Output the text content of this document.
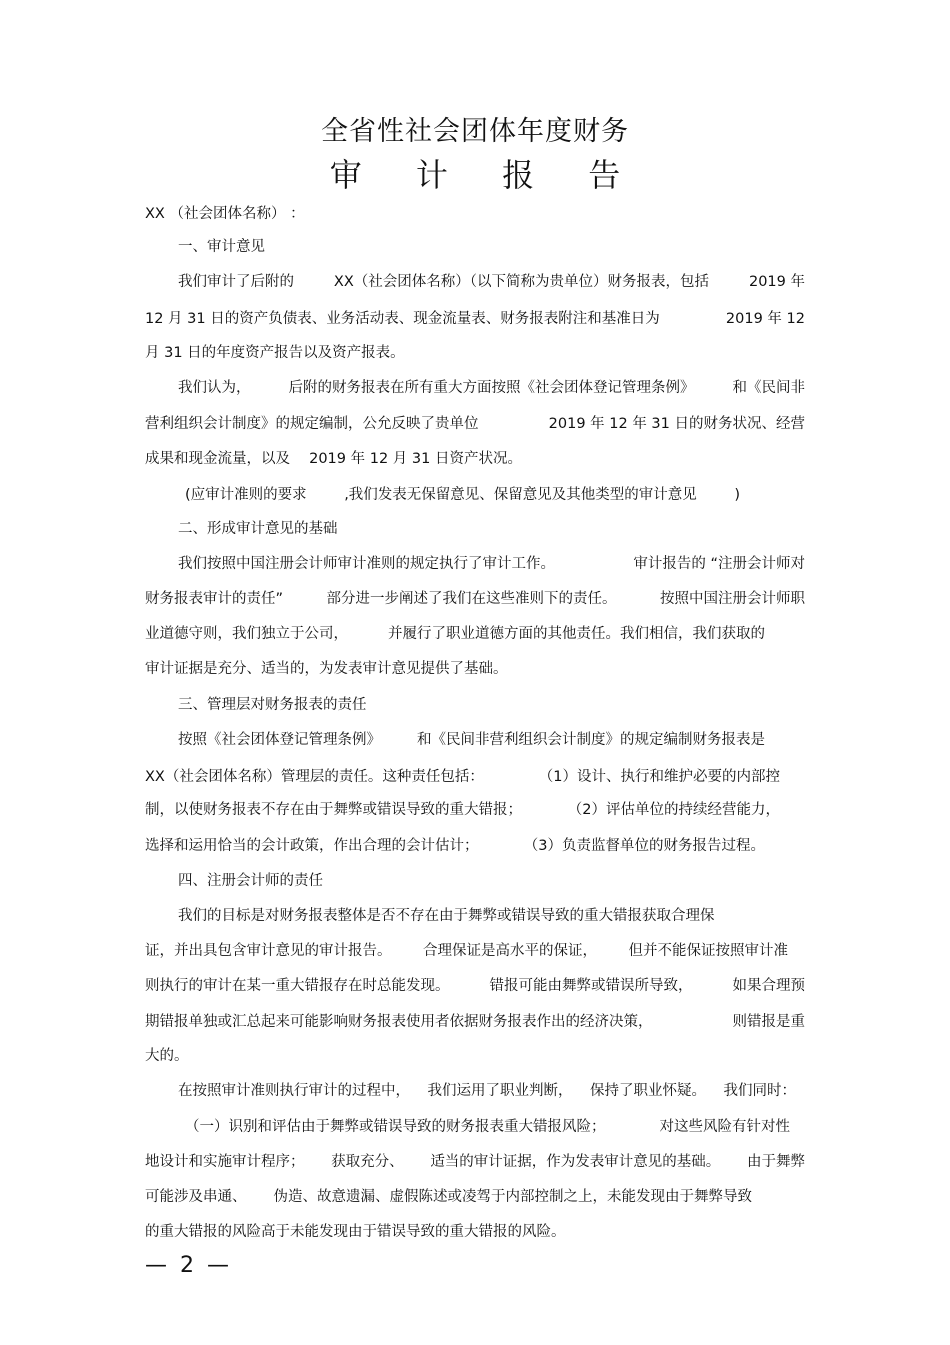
全省性社会团体年度财务
审 计 报 告
XX （社会团体名称） ：
一、审计意见
我们审计了后附的	XX（社会团体名称）（以下简称为贵单位）财务报表，包括	2019 年
12 月 31 日的资产负债表、业务活动表、现金流量表、财务报表附注和基准日为	2019 年 12
月 31 日的年度资产报告以及资产报表。
我们认为，	后附的财务报表在所有重大方面按照《社会团体登记管理条例》	和《民间非
营利组织会计制度》的规定编制，公允反映了贵单位	2019 年 12 年 31 日的财务状况、经营
成果和现金流量，以及　 2019 年 12 月 31 日资产状况。
(应审计准则的要求	,我们发表无保留意见、保留意见及其他类型的审计意见	)
二、形成审计意见的基础
我们按照中国注册会计师审计准则的规定执行了审计工作。	审计报告的 “注册会计师对
财务报表审计的责任”	部分进一步阐述了我们在这些准则下的责任。	按照中国注册会计师职
业道德守则，我们独立于公司，	并履行了职业道德方面的其他责任。我们相信，我们获取的
审计证据是充分、适当的，为发表审计意见提供了基础。
三、管理层对财务报表的责任
按照《社会团体登记管理条例》 和《民间非营利组织会计制度》的规定编制财务报表是
XX（社会团体名称）管理层的责任。这种责任包括：	（1）设计、执行和维护必要的内部控
制，以使财务报表不存在由于舞弊或错误导致的重大错报；	（2）评估单位的持续经营能力，
选择和运用恰当的会计政策，作出合理的会计估计；	（3）负责监督单位的财务报告过程。
四、注册会计师的责任
我们的目标是对财务报表整体是否不存在由于舞弊或错误导致的重大错报获取合理保
证，并出具包含审计意见的审计报告。 合理保证是高水平的保证， 但并不能保证按照审计准
则执行的审计在某一重大错报存在时总能发现。	错报可能由舞弊或错误所导致，	如果合理预
期错报单独或汇总起来可能影响财务报表使用者依据财务报表作出的经济决策，	则错报是重
大的。
在按照审计准则执行审计的过程中， 我们运用了职业判断， 保持了职业怀疑。 我们同时：
（一）识别和评估由于舞弊或错误导致的财务报表重大错报风险；	对这些风险有针对性
地设计和实施审计程序； 获取充分、 适当的审计证据，作为发表审计意见的基础。 由于舞弊
可能涉及串通、 伪造、故意遗漏、虚假陈述或凌驾于内部控制之上，未能发现由于舞弊导致
的重大错报的风险高于未能发现由于错误导致的重大错报的风险。
— 2 —
